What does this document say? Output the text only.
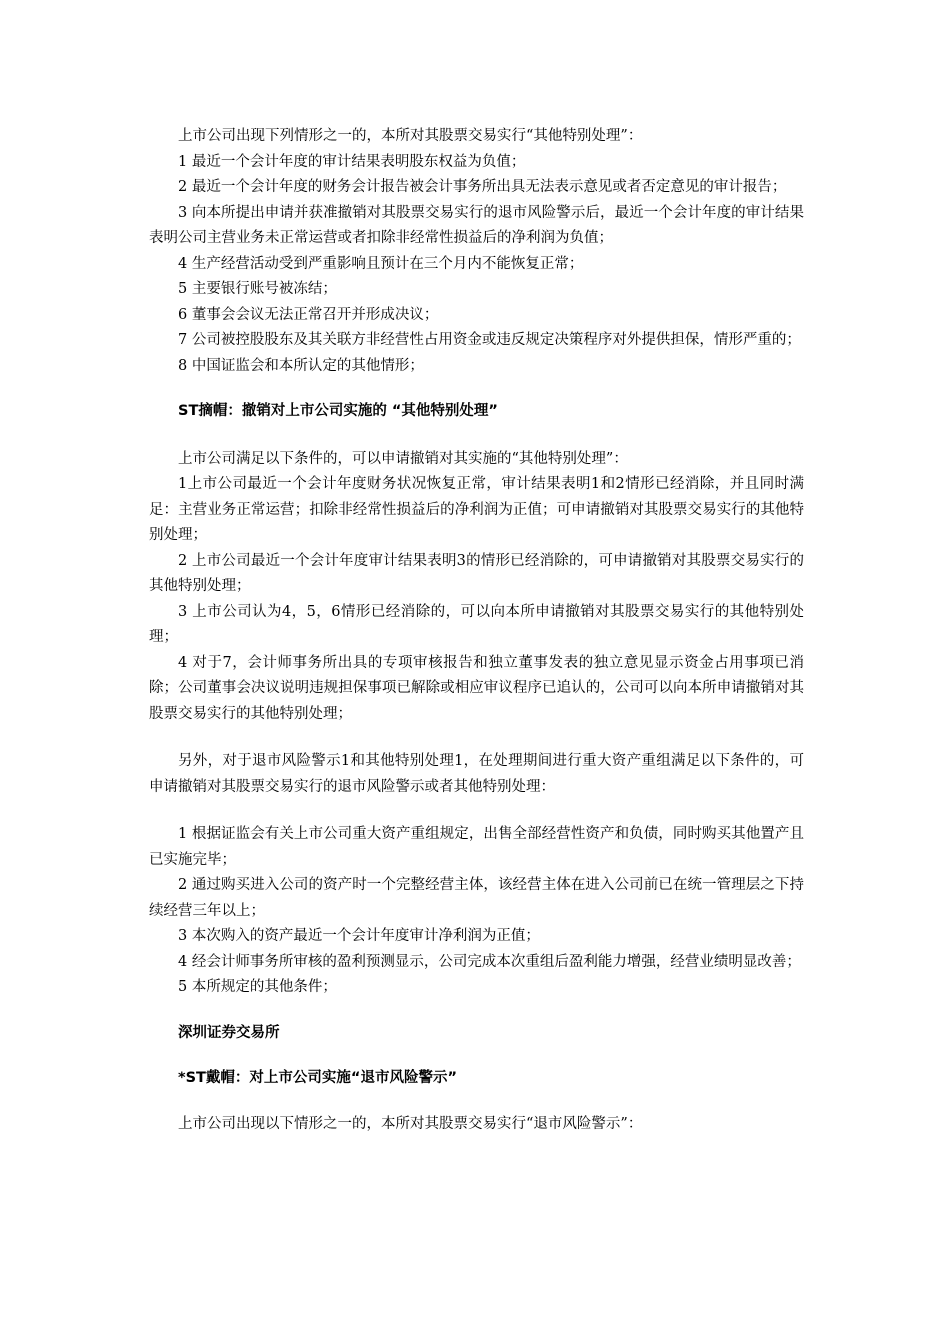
上市公司出现下列情形之一的，本所对其股票交易实行“其他特别处理”：

1 最近一个会计年度的审计结果表明股东权益为负值；

2 最近一个会计年度的财务会计报告被会计事务所出具无法表示意见或者否定意见的审计报告；

3 向本所提出申请并获准撤销对其股票交易实行的退市风险警示后，最近一个会计年度的审计结果表明公司主营业务未正常运营或者扣除非经常性损益后的净利润为负值；

4 生产经营活动受到严重影响且预计在三个月内不能恢复正常；

5 主要银行账号被冻结；

6 董事会会议无法正常召开并形成决议；

7 公司被控股股东及其关联方非经营性占用资金或违反规定决策程序对外提供担保，情形严重的；

8 中国证监会和本所认定的其他情形；

ST摘帽：撤销对上市公司实施的 “其他特别处理”

上市公司满足以下条件的，可以申请撤销对其实施的“其他特别处理”：

1上市公司最近一个会计年度财务状况恢复正常，审计结果表明1和2情形已经消除，并且同时满足：主营业务正常运营；扣除非经常性损益后的净利润为正值；可申请撤销对其股票交易实行的其他特别处理；

2 上市公司最近一个会计年度审计结果表明3的情形已经消除的，可申请撤销对其股票交易实行的其他特别处理；

3 上市公司认为4，5，6情形已经消除的，可以向本所申请撤销对其股票交易实行的其他特别处理；

4 对于7，会计师事务所出具的专项审核报告和独立董事发表的独立意见显示资金占用事项已消除；公司董事会决议说明违规担保事项已解除或相应审议程序已追认的，公司可以向本所申请撤销对其股票交易实行的其他特别处理；

另外，对于退市风险警示1和其他特别处理1，在处理期间进行重大资产重组满足以下条件的，可申请撤销对其股票交易实行的退市风险警示或者其他特别处理：

1 根据证监会有关上市公司重大资产重组规定，出售全部经营性资产和负债，同时购买其他置产且已实施完毕；

2 通过购买进入公司的资产时一个完整经营主体，该经营主体在进入公司前已在统一管理层之下持续经营三年以上；

3 本次购入的资产最近一个会计年度审计净利润为正值；

4 经会计师事务所审核的盈利预测显示，公司完成本次重组后盈利能力增强，经营业绩明显改善；

5 本所规定的其他条件；

深圳证券交易所

*ST戴帽：对上市公司实施“退市风险警示”

上市公司出现以下情形之一的，本所对其股票交易实行“退市风险警示”：
